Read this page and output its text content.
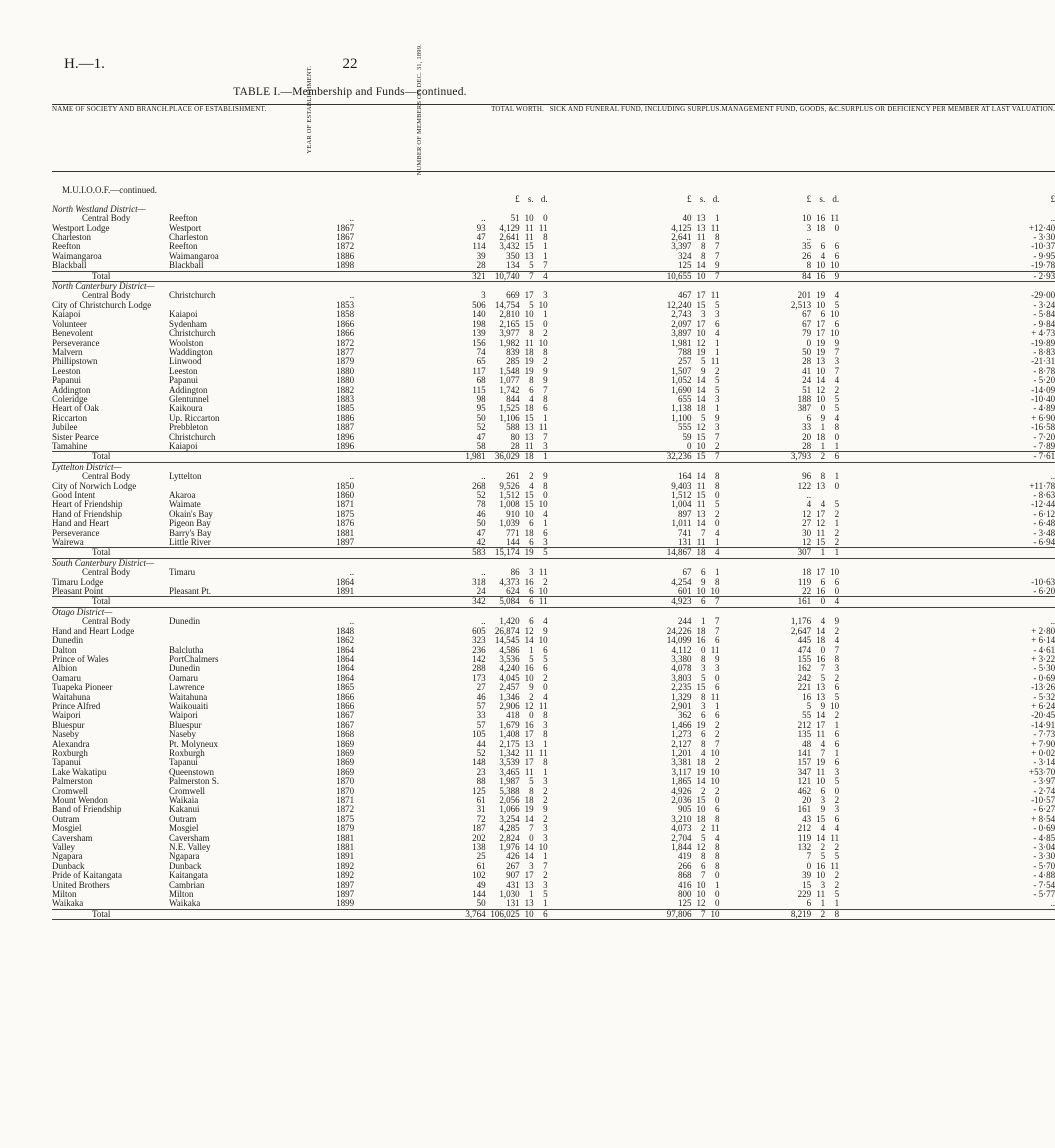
H.—1.	22
TABLE I.—Membership and Funds—continued.
NAME OF SOCIETY AND BRANCH.	PLACE OF ESTABLISHMENT.	YEAR OF ESTABLISHMENT.	NUMBER OF MEMBERS ON DEC. 31, 1899.	TOTAL WORTH.	SICK AND FUNERAL FUND, INCLUDING SURPLUS.	MANAGEMENT FUND, GOODS, &C.	SURPLUS OR DEFICIENCY PER MEMBER AT LAST VALUATION.
M.U.I.O.O.F.—continued.							

				£ s. d.	£ s. d.	£ s. d.	£
North Westland District—							
Central Body	Reefton	..	..	51 10 0	40 13 1	10 16 11	..
Westport Lodge	Westport	1867	93	4,129 11 11	4,125 13 11	3 18 0	+12·40
Charleston	Charleston	1867	47	2,641 11 8	2,641 11 8	..	- 3·30
Reefton	Reefton	1872	114	3,432 15 1	3,397 8 7	35 6 6	-10·37
Waimangaroa	Waimangaroa	1886	39	350 13 1	324 8 7	26 4 6	- 9·95
Blackball	Blackball	1898	28	134 5 7	125 14 9	8 10 10	-19·78
Total			321	10,740 7 4	10,655 10 7	84 16 9	- 2·93
North Canterbury District—							
Central Body	Christchurch	..	3	669 17 3	467 17 11	201 19 4	-29·00
City of Christchurch Lodge		1853	506	14,754 5 10	12,240 15 5	2,513 10 5	- 3·24
Kaiapoi	Kaiapoi	1858	140	2,810 10 1	2,743 3 3	67 6 10	- 5·84
Volunteer	Sydenham	1866	198	2,165 15 0	2,097 17 6	67 17 6	- 9·84
Benevolent	Christchurch	1866	139	3,977 8 2	3,897 10 4	79 17 10	+ 4·73
Perseverance	Woolston	1872	156	1,982 11 10	1,981 12 1	0 19 9	-19·89
Malvern	Waddington	1877	74	839 18 8	788 19 1	50 19 7	- 8·83
Phillipstown	Linwood	1879	65	285 19 2	257 5 11	28 13 3	-21·31
Leeston	Leeston	1880	117	1,548 19 9	1,507 9 2	41 10 7	- 8·78
Papanui	Papanui	1880	68	1,077 8 9	1,052 14 5	24 14 4	- 5·20
Addington	Addington	1882	115	1,742 6 7	1,690 14 5	51 12 2	-14·09
Coleridge	Glentunnel	1883	98	844 4 8	655 14 3	188 10 5	-10·40
Heart of Oak	Kaikoura	1885	95	1,525 18 6	1,138 18 1	387 0 5	- 4·89
Riccarton	Up. Riccarton	1886	50	1,106 15 1	1,100 5 9	6 9 4	+ 6·90
Jubilee	Prebbleton	1887	52	588 13 11	555 12 3	33 1 8	-16·58
Sister Pearce	Christchurch	1896	47	80 13 7	59 15 7	20 18 0	- 7·20
Tamahine	Kaiapoi	1896	58	28 11 3	0 10 2	28 1 1	- 7·89
Total			1,981	36,029 18 1	32,236 15 7	3,793 2 6	- 7·61
Lyttelton District—							
Central Body	Lyttelton	..	..	261 2 9	164 14 8	96 8 1	..
City of Norwich Lodge		1850	268	9,526 4 8	9,403 11 8	122 13 0	+11·78
Good Intent	Akaroa	1860	52	1,512 15 0	1,512 15 0	..	- 8·63
Heart of Friendship	Waimate	1871	78	1,008 15 10	1,004 11 5	4 4 5	-12·44
Hand of Friendship	Okain's Bay	1875	46	910 10 4	897 13 2	12 17 2	- 6·12
Hand and Heart	Pigeon Bay	1876	50	1,039 6 1	1,011 14 0	27 12 1	- 6·48
Perseverance	Barry's Bay	1881	47	771 18 6	741 7 4	30 11 2	- 3·48
Wairewa	Little River	1897	42	144 6 3	131 11 1	12 15 2	- 6·94
Total			583	15,174 19 5	14,867 18 4	307 1 1	

South Canterbury District—							
Central Body	Timaru	..	..	86 3 11	67 6 1	18 17 10	

Timaru Lodge		1864	318	4,373 16 2	4,254 9 8	119 6 6	-10·63
Pleasant Point	Pleasant Pt.	1891	24	624 6 10	601 10 10	22 16 0	- 6·20
Total			342	5,084 6 11	4,923 6 7	161 0 4	

Otago District—							
Central Body	Dunedin	..	..	1,420 6 4	244 1 7	1,176 4 9	..
Hand and Heart Lodge		1848	605	26,874 12 9	24,226 18 7	2,647 14 2	+ 2·80
Dunedin		1862	323	14,545 14 10	14,099 16 6	445 18 4	+ 6·14
Dalton	Balclutha	1864	236	4,586 1 6	4,112 0 11	474 0 7	- 4·61
Prince of Wales	PortChalmers	1864	142	3,536 5 5	3,380 8 9	155 16 8	+ 3·22
Albion	Dunedin	1864	288	4,240 16 6	4,078 3 3	162 7 3	- 5·30
Oamaru	Oamaru	1864	173	4,045 10 2	3,803 5 0	242 5 2	- 0·69
Tuapeka Pioneer	Lawrence	1865	27	2,457 9 0	2,235 15 6	221 13 6	-13·26
Waitahuna	Waitahuna	1866	46	1,346 2 4	1,329 8 11	16 13 5	- 5·32
Prince Alfred	Waikouaiti	1866	57	2,906 12 11	2,901 3 1	5 9 10	+ 6·24
Waipori	Waipori	1867	33	418 0 8	362 6 6	55 14 2	-20·45
Bluespur	Bluespur	1867	57	1,679 16 3	1,466 19 2	212 17 1	-14·91
Naseby	Naseby	1868	105	1,408 17 8	1,273 6 2	135 11 6	- 7·73
Alexandra	Pt. Molyneux	1869	44	2,175 13 1	2,127 8 7	48 4 6	+ 7·90
Roxburgh	Roxburgh	1869	52	1,342 11 11	1,201 4 10	141 7 1	+ 0·02
Tapanui	Tapanui	1869	148	3,539 17 8	3,381 18 2	157 19 6	- 3·14
Lake Wakatipu	Queenstown	1869	23	3,465 11 1	3,117 19 10	347 11 3	+53·70
Palmerston	Palmerston S.	1870	88	1,987 5 3	1,865 14 10	121 10 5	- 3·97
Cromwell	Cromwell	1870	125	5,388 8 2	4,926 2 2	462 6 0	- 2·74
Mount Wendon	Waikaia	1871	61	2,056 18 2	2,036 15 0	20 3 2	-10·57
Band of Friendship	Kakanui	1872	31	1,066 19 9	905 10 6	161 9 3	- 6·27
Outram	Outram	1875	72	3,254 14 2	3,210 18 8	43 15 6	+ 8·54
Mosgiel	Mosgiel	1879	187	4,285 7 3	4,073 2 11	212 4 4	- 0·69
Caversham	Caversham	1881	202	2,824 0 3	2,704 5 4	119 14 11	- 4·85
Valley	N.E. Valley	1881	138	1,976 14 10	1,844 12 8	132 2 2	- 3·04
Ngapara	Ngapara	1891	25	426 14 1	419 8 8	7 5 5	- 3·30
Dunback	Dunback	1892	61	267 3 7	266 6 8	0 16 11	- 5·70
Pride of Kaitangata	Kaitangata	1892	102	907 17 2	868 7 0	39 10 2	- 4·88
United Brothers	Cambrian	1897	49	431 13 3	416 10 1	15 3 2	- 7·54
Milton	Milton	1897	144	1,030 1 5	800 10 0	229 11 5	- 5·77
Waikaka	Waikaka	1899	50	131 13 1	125 12 0	6 1 1	..
Total			3,764	106,025 10 6	97,806 7 10	8,219 2 8	
